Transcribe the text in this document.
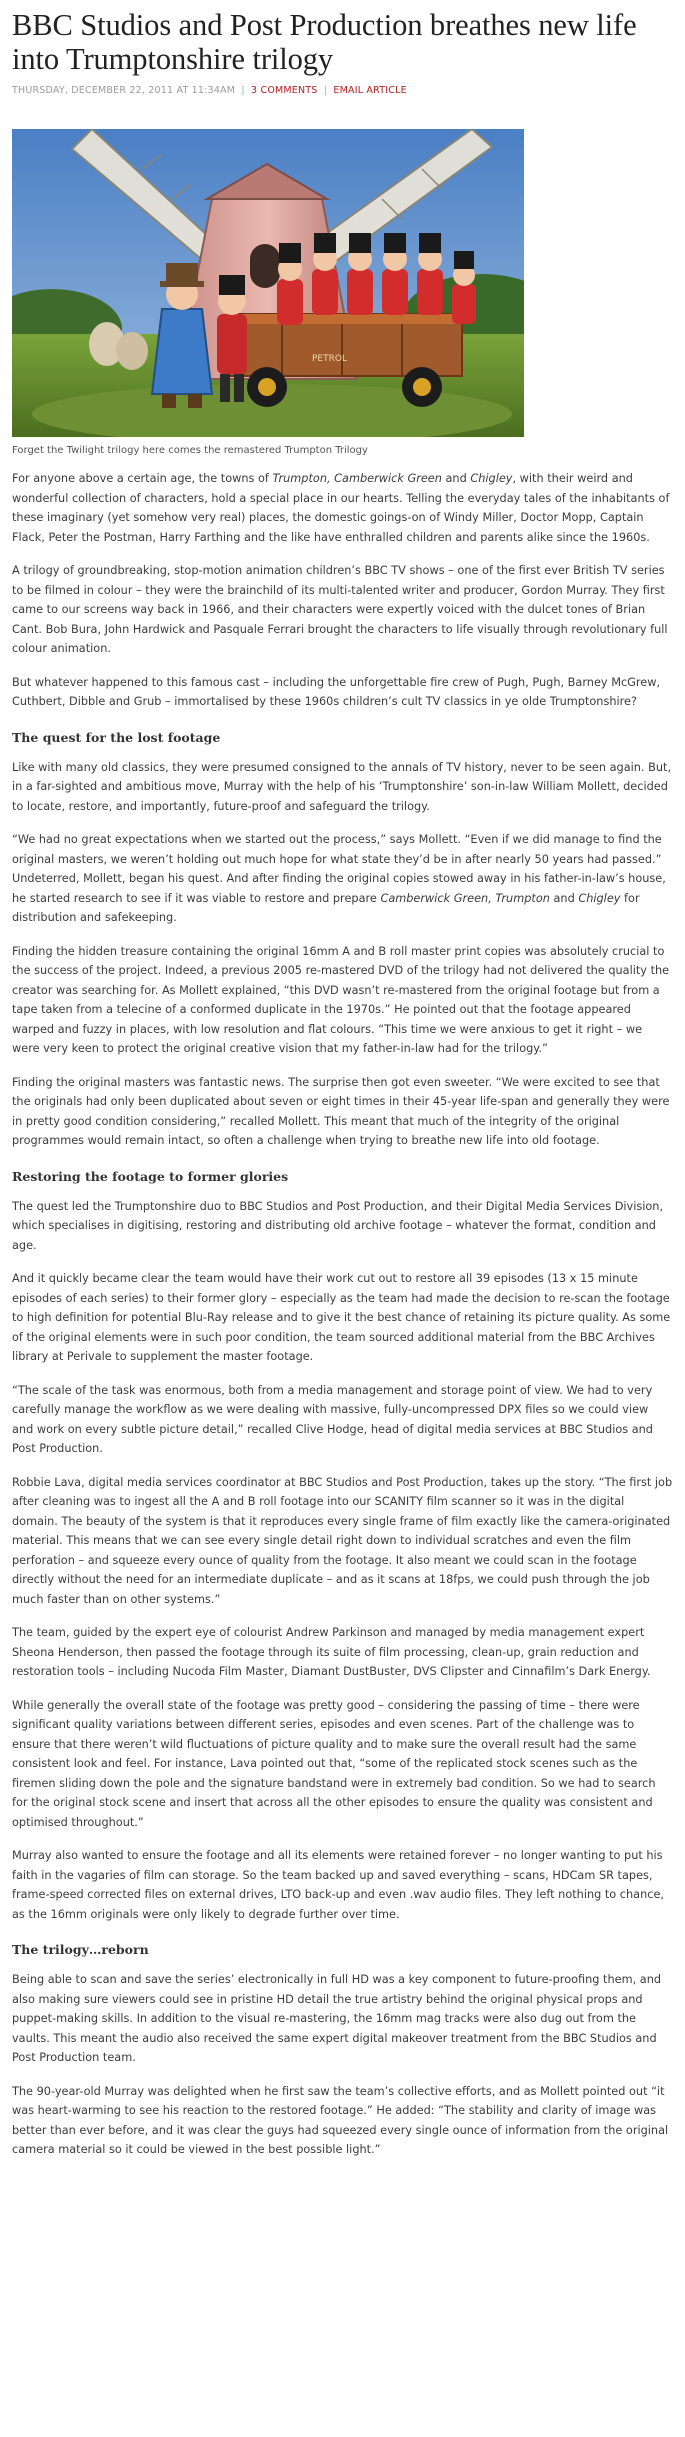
BBC Studios and Post Production breathes new life into Trumptonshire trilogy
THURSDAY, DECEMBER 22, 2011 AT 11:34AM | 3 COMMENTS | EMAIL ARTICLE
PETROL
Forget the Twilight trilogy here comes the remastered Trumpton Trilogy

For anyone above a certain age, the towns of Trumpton, Camberwick Green and Chigley, with their weird and wonderful collection of characters, hold a special place in our hearts. Telling the everyday tales of the inhabitants of these imaginary (yet somehow very real) places, the domestic goings-on of Windy Miller, Doctor Mopp, Captain Flack, Peter the Postman, Harry Farthing and the like have enthralled children and parents alike since the 1960s.

A trilogy of groundbreaking, stop-motion animation children’s BBC TV shows – one of the first ever British TV series to be filmed in colour – they were the brainchild of its multi-talented writer and producer, Gordon Murray. They first came to our screens way back in 1966, and their characters were expertly voiced with the dulcet tones of Brian Cant. Bob Bura, John Hardwick and Pasquale Ferrari brought the characters to life visually through revolutionary full colour animation.

But whatever happened to this famous cast – including the unforgettable fire crew of Pugh, Pugh, Barney McGrew, Cuthbert, Dibble and Grub – immortalised by these 1960s children’s cult TV classics in ye olde Trumptonshire?

The quest for the lost footage

Like with many old classics, they were presumed consigned to the annals of TV history, never to be seen again. But, in a far-sighted and ambitious move, Murray with the help of his ‘Trumptonshire’ son-in-law William Mollett, decided to locate, restore, and importantly, future-proof and safeguard the trilogy.

“We had no great expectations when we started out the process,” says Mollett. “Even if we did manage to find the original masters, we weren’t holding out much hope for what state they’d be in after nearly 50 years had passed.” Undeterred, Mollett, began his quest. And after finding the original copies stowed away in his father-in-law’s house, he started research to see if it was viable to restore and prepare Camberwick Green, Trumpton and Chigley for distribution and safekeeping.

Finding the hidden treasure containing the original 16mm A and B roll master print copies was absolutely crucial to the success of the project. Indeed, a previous 2005 re-mastered DVD of the trilogy had not delivered the quality the creator was searching for. As Mollett explained, “this DVD wasn’t re-mastered from the original footage but from a tape taken from a telecine of a conformed duplicate in the 1970s.” He pointed out that the footage appeared warped and fuzzy in places, with low resolution and flat colours. “This time we were anxious to get it right – we were very keen to protect the original creative vision that my father-in-law had for the trilogy.”

Finding the original masters was fantastic news. The surprise then got even sweeter. “We were excited to see that the originals had only been duplicated about seven or eight times in their 45-year life-span and generally they were in pretty good condition considering,” recalled Mollett. This meant that much of the integrity of the original programmes would remain intact, so often a challenge when trying to breathe new life into old footage.

Restoring the footage to former glories

The quest led the Trumptonshire duo to BBC Studios and Post Production, and their Digital Media Services Division, which specialises in digitising, restoring and distributing old archive footage – whatever the format, condition and age.

And it quickly became clear the team would have their work cut out to restore all 39 episodes (13 x 15 minute episodes of each series) to their former glory – especially as the team had made the decision to re-scan the footage to high definition for potential Blu-Ray release and to give it the best chance of retaining its picture quality. As some of the original elements were in such poor condition, the team sourced additional material from the BBC Archives library at Perivale to supplement the master footage.

“The scale of the task was enormous, both from a media management and storage point of view. We had to very carefully manage the workflow as we were dealing with massive, fully-uncompressed DPX files so we could view and work on every subtle picture detail,” recalled Clive Hodge, head of digital media services at BBC Studios and Post Production.

Robbie Lava, digital media services coordinator at BBC Studios and Post Production, takes up the story. “The first job after cleaning was to ingest all the A and B roll footage into our SCANITY film scanner so it was in the digital domain. The beauty of the system is that it reproduces every single frame of film exactly like the camera-originated material. This means that we can see every single detail right down to individual scratches and even the film perforation – and squeeze every ounce of quality from the footage. It also meant we could scan in the footage directly without the need for an intermediate duplicate – and as it scans at 18fps, we could push through the job much faster than on other systems.”

The team, guided by the expert eye of colourist Andrew Parkinson and managed by media management expert Sheona Henderson, then passed the footage through its suite of film processing, clean-up, grain reduction and restoration tools – including Nucoda Film Master, Diamant DustBuster, DVS Clipster and Cinnafilm’s Dark Energy.

While generally the overall state of the footage was pretty good – considering the passing of time – there were significant quality variations between different series, episodes and even scenes. Part of the challenge was to ensure that there weren’t wild fluctuations of picture quality and to make sure the overall result had the same consistent look and feel. For instance, Lava pointed out that, “some of the replicated stock scenes such as the firemen sliding down the pole and the signature bandstand were in extremely bad condition. So we had to search for the original stock scene and insert that across all the other episodes to ensure the quality was consistent and optimised throughout.”

Murray also wanted to ensure the footage and all its elements were retained forever – no longer wanting to put his faith in the vagaries of film can storage. So the team backed up and saved everything – scans, HDCam SR tapes, frame-speed corrected files on external drives, LTO back-up and even .wav audio files. They left nothing to chance, as the 16mm originals were only likely to degrade further over time.

The trilogy…reborn

Being able to scan and save the series’ electronically in full HD was a key component to future-proofing them, and also making sure viewers could see in pristine HD detail the true artistry behind the original physical props and puppet-making skills. In addition to the visual re-mastering, the 16mm mag tracks were also dug out from the vaults. This meant the audio also received the same expert digital makeover treatment from the BBC Studios and Post Production team.

The 90-year-old Murray was delighted when he first saw the team’s collective efforts, and as Mollett pointed out “it was heart-warming to see his reaction to the restored footage.” He added: “The stability and clarity of image was better than ever before, and it was clear the guys had squeezed every single ounce of information from the original camera material so it could be viewed in the best possible light.”
